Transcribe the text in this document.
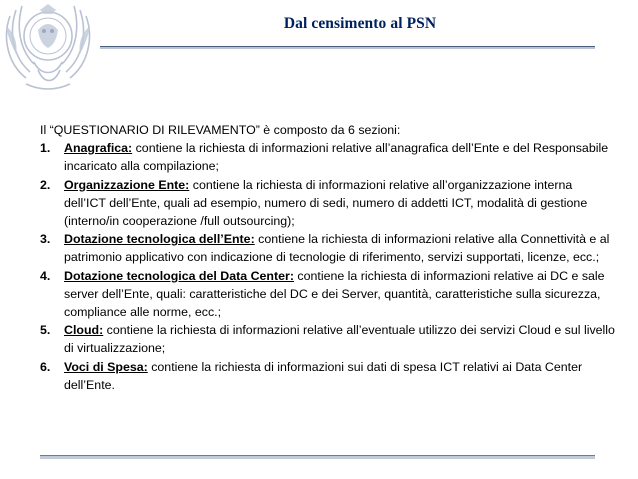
Dal censimento al PSN

Il “QUESTIONARIO DI RILEVAMENTO” è composto da 6 sezioni:

1. Anagrafica: contiene la richiesta di informazioni relative all’anagrafica dell’Ente e del Responsabile incaricato alla compilazione;
2. Organizzazione Ente: contiene la richiesta di informazioni relative all’organizzazione interna dell’ICT dell’Ente, quali ad esempio, numero di sedi, numero di addetti ICT, modalità di gestione (interno/in cooperazione /full outsourcing);
3. Dotazione tecnologica dell’Ente: contiene la richiesta di informazioni relative alla Connettività e al patrimonio applicativo con indicazione di tecnologie di riferimento, servizi supportati, licenze, ecc.;
4. Dotazione tecnologica del Data Center: contiene la richiesta di informazioni relative ai DC e sale server dell’Ente, quali: caratteristiche del DC e dei Server, quantità, caratteristiche sulla sicurezza, compliance alle norme, ecc.;
5. Cloud: contiene la richiesta di informazioni relative all’eventuale utilizzo dei servizi Cloud e sul livello di virtualizzazione;
6. Voci di Spesa: contiene la richiesta di informazioni sui dati di spesa ICT relativi ai Data Center dell’Ente.
